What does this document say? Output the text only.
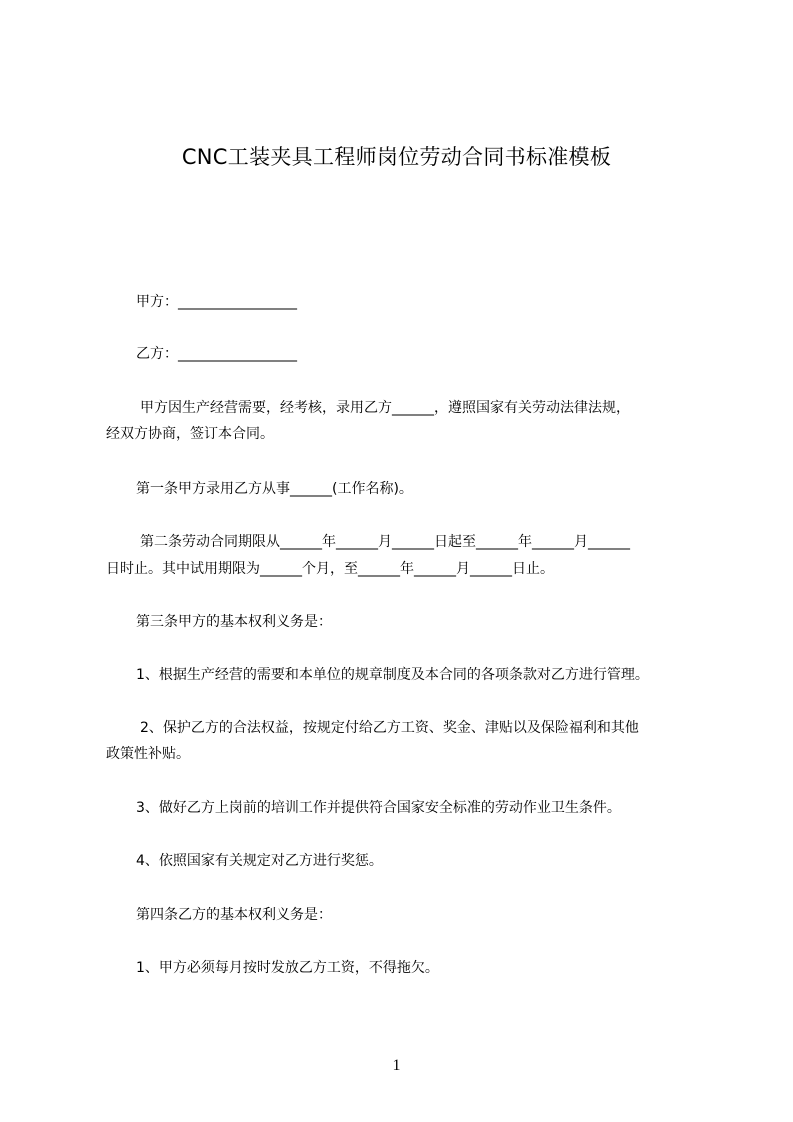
CNC工装夹具工程师岗位劳动合同书标准模板
甲方：_________________
乙方：_________________
甲方因生产经营需要，经考核，录用乙方______，遵照国家有关劳动法律法规，
经双方协商，签订本合同。
第一条甲方录用乙方从事______(工作名称)。
第二条劳动合同期限从______年______月______日起至______年______月______
日时止。其中试用期限为______个月，至______年______月______日止。
第三条甲方的基本权利义务是：
1、根据生产经营的需要和本单位的规章制度及本合同的各项条款对乙方进行管理。
2、保护乙方的合法权益，按规定付给乙方工资、奖金、津贴以及保险福利和其他
政策性补贴。
3、做好乙方上岗前的培训工作并提供符合国家安全标准的劳动作业卫生条件。
4、依照国家有关规定对乙方进行奖惩。
第四条乙方的基本权利义务是：
1、甲方必须每月按时发放乙方工资，不得拖欠。
1
